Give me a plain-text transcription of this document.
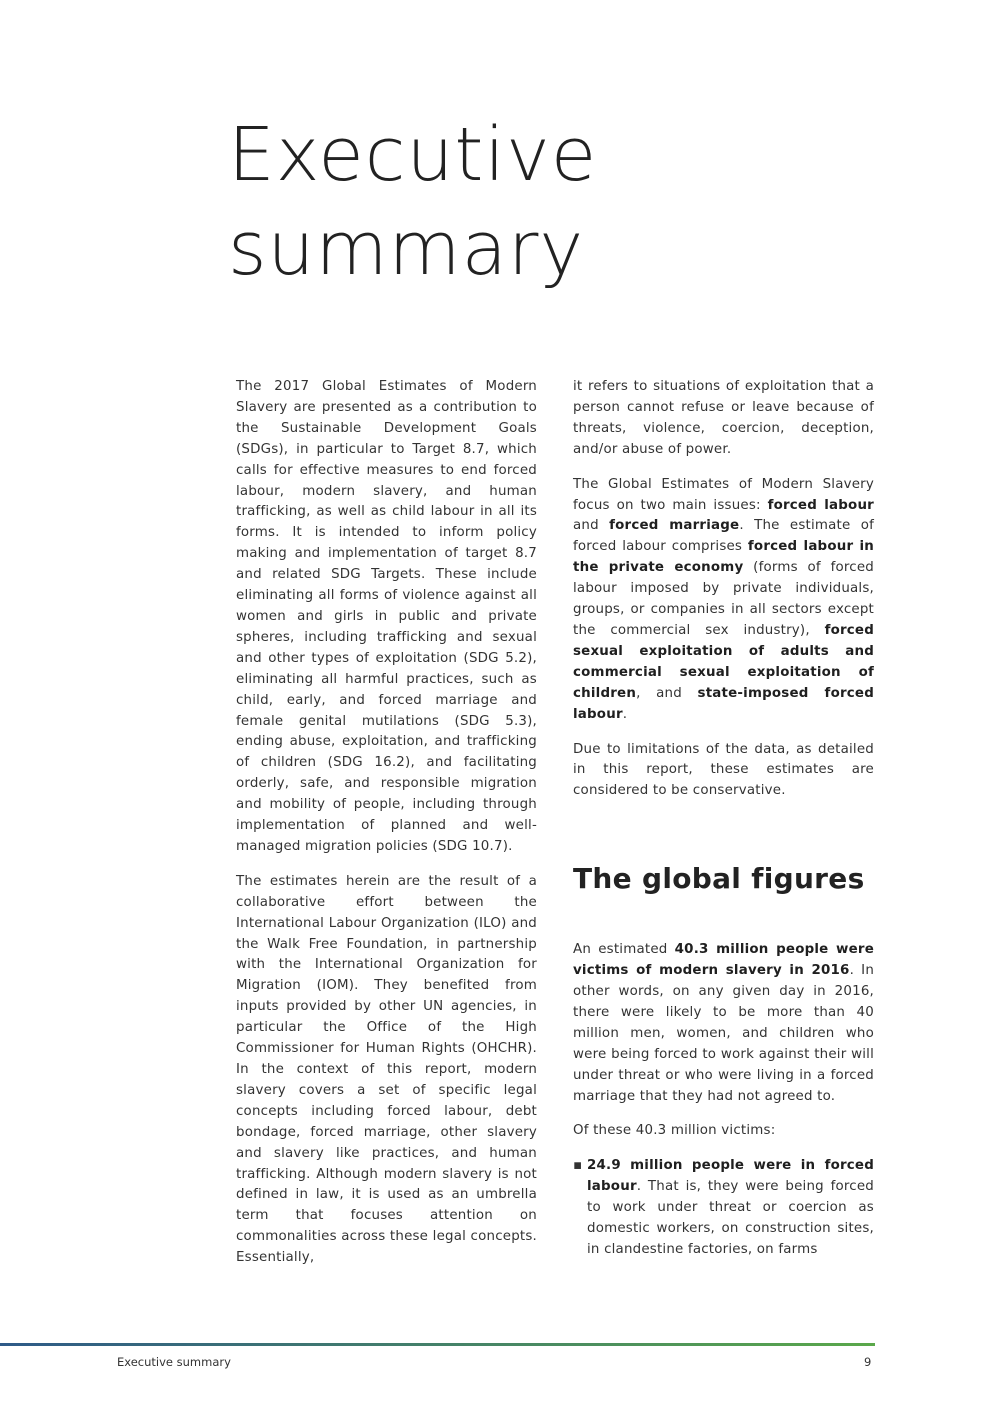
Executive
summary

The 2017 Global Estimates of Modern Slavery are presented as a contribution to the Sustainable Development Goals (SDGs), in particular to Target 8.7, which calls for effective measures to end forced labour, modern slavery, and human trafficking, as well as child labour in all its forms. It is intended to inform policy making and implementation of target 8.7 and related SDG Targets. These include eliminating all forms of violence against all women and girls in public and private spheres, including trafficking and sexual and other types of exploitation (SDG 5.2), eliminating all harmful practices, such as child, early, and forced marriage and female genital mutilations (SDG 5.3), ending abuse, exploitation, and trafficking of children (SDG 16.2), and facilitating orderly, safe, and responsible migration and mobility of people, including through implementation of planned and well-managed migration policies (SDG 10.7).

The estimates herein are the result of a collaborative effort between the International Labour Organization (ILO) and the Walk Free Foundation, in partnership with the International Organization for Migration (IOM). They benefited from inputs provided by other UN agencies, in particular the Office of the High Commissioner for Human Rights (OHCHR). In the context of this report, modern slavery covers a set of specific legal concepts including forced labour, debt bondage, forced marriage, other slavery and slavery like practices, and human trafficking. Although modern slavery is not defined in law, it is used as an umbrella term that focuses attention on commonalities across these legal concepts. Essentially,

it refers to situations of exploitation that a person cannot refuse or leave because of threats, violence, coercion, deception, and/or abuse of power.

The Global Estimates of Modern Slavery focus on two main issues: forced labour and forced marriage. The estimate of forced labour comprises forced labour in the private economy (forms of forced labour imposed by private individuals, groups, or companies in all sectors except the commercial sex industry), forced sexual exploitation of adults and commercial sexual exploitation of children, and state-imposed forced labour.

Due to limitations of the data, as detailed in this report, these estimates are considered to be conservative.

The global figures

An estimated 40.3 million people were victims of modern slavery in 2016. In other words, on any given day in 2016, there were likely to be more than 40 million men, women, and children who were being forced to work against their will under threat or who were living in a forced marriage that they had not agreed to.

Of these 40.3 million victims:

▪ 24.9 million people were in forced labour. That is, they were being forced to work under threat or coercion as domestic workers, on construction sites, in clandestine factories, on farms
Executive summary	9
